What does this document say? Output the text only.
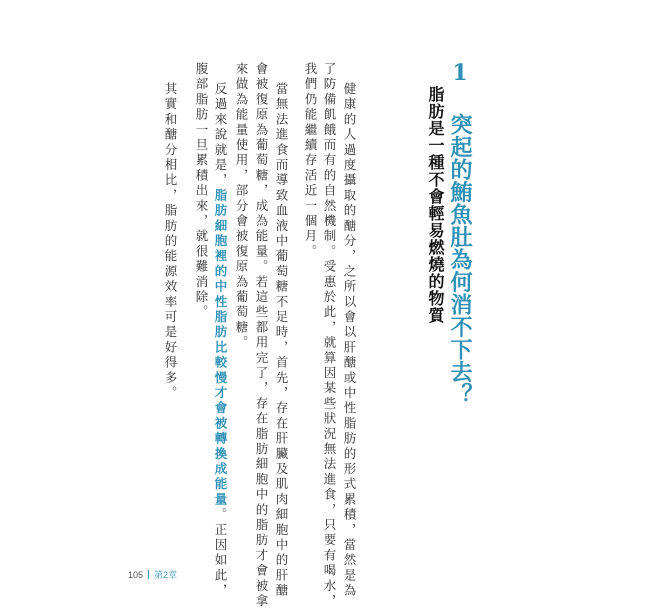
1 突起的鮪魚肚為何消不下去？
脂肪是一種不會輕易燃燒的物質
健康的人過度攝取的醣分，之所以會以肝醣或中性脂肪的形式累積，當然是為
了防備飢餓而有的自然機制。受惠於此，就算因某些狀況無法進食，只要有喝水，
我們仍能繼續存活近一個月。
當無法進食而導致血液中葡萄糖不足時，首先，存在肝臟及肌肉細胞中的肝醣
會被復原為葡萄糖，成為能量。若這些都用完了，存在脂肪細胞中的脂肪才會被拿
來做為能量使用，部分會被復原為葡萄糖。
反過來說就是，脂肪細胞裡的中性脂肪比較慢才會被轉換成能量。正因如此，
腹部脂肪一旦累積出來，就很難消除。
其實和醣分相比，脂肪的能源效率可是好得多。
105 第2章
